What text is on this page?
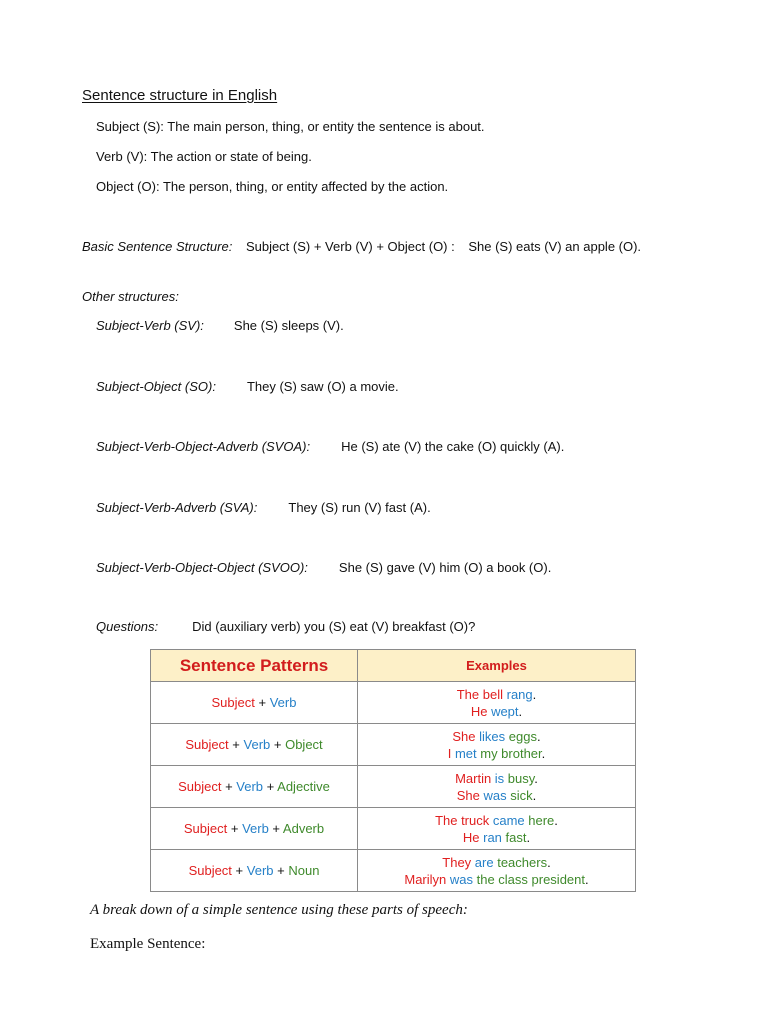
Sentence structure in English
Subject (S): The main person, thing, or entity the sentence is about.
Verb (V): The action or state of being.
Object (O): The person, thing, or entity affected by the action.
Basic Sentence Structure: Subject (S) + Verb (V) + Object (O) : She (S) eats (V) an apple (O).
Other structures:
Subject-Verb (SV): She (S) sleeps (V).
Subject-Object (SO): They (S) saw (O) a movie.
Subject-Verb-Object-Adverb (SVOA): He (S) ate (V) the cake (O) quickly (A).
Subject-Verb-Adverb (SVA): They (S) run (V) fast (A).
Subject-Verb-Object-Object (SVOO): She (S) gave (V) him (O) a book (O).
Questions:	Did (auxiliary verb) you (S) eat (V) breakfast (O)?
Sentence Patterns	Examples
Subject + Verb	The bell rang.
He wept.

Subject + Verb + Object	She likes eggs.
I met my brother.

Subject + Verb + Adjective	Martin is busy.
She was sick.

Subject + Verb + Adverb	The truck came here.
He ran fast.

Subject + Verb + Noun	They are teachers.
Marilyn was the class president.
A break down of a simple sentence using these parts of speech:
Example Sentence:
